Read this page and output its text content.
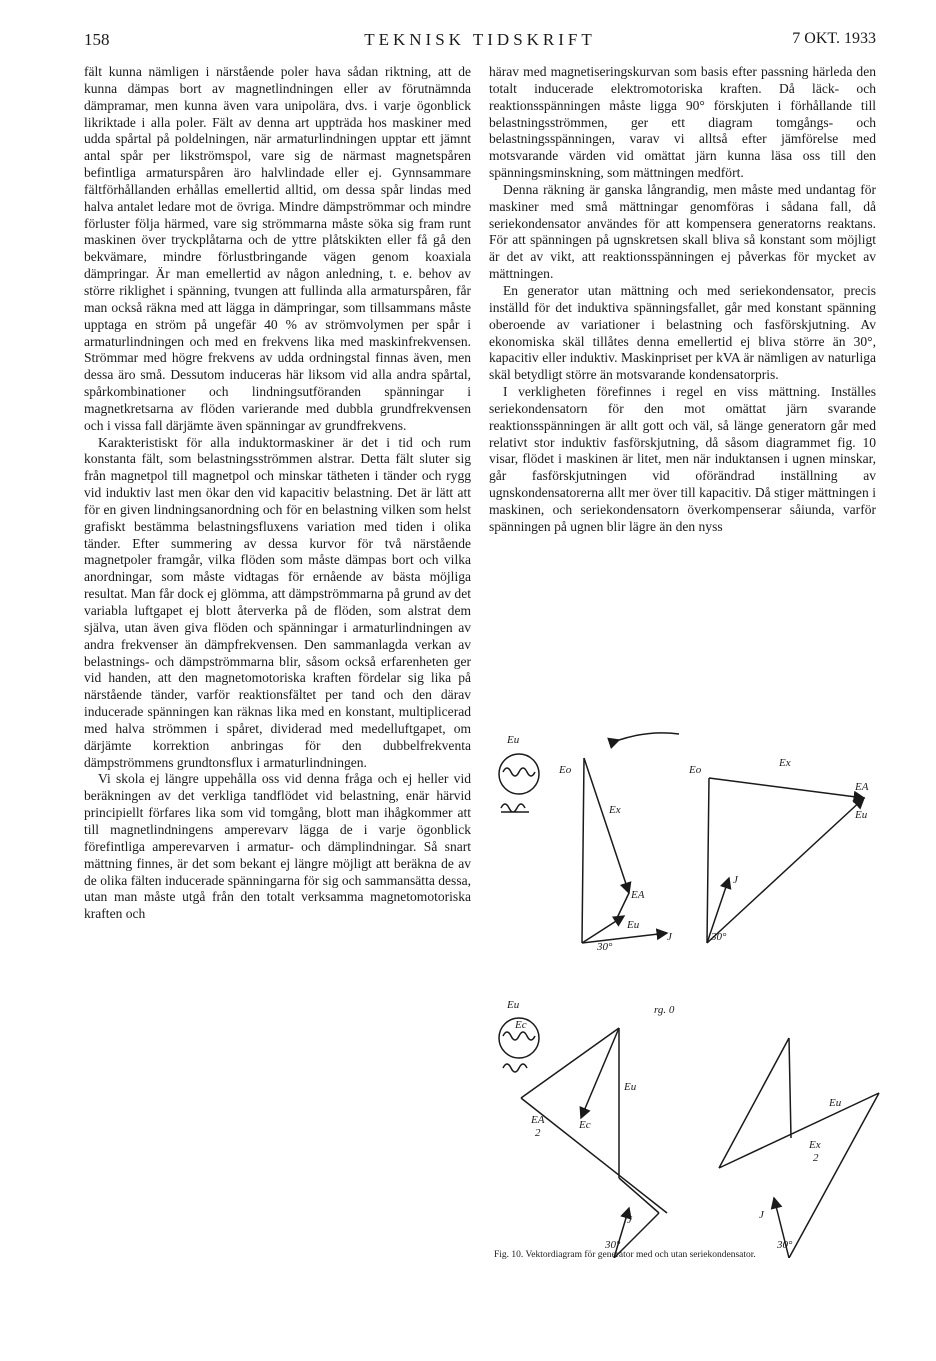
158	TEKNISK TIDSKRIFT	7 OKT. 1933

fält kunna nämligen i närstående poler hava sådan riktning, att de kunna dämpas bort av magnetlindningen eller av förutnämnda dämpramar, men kunna även vara unipolära, dvs. i varje ögonblick likriktade i alla poler. Fält av denna art uppträda hos maskiner med udda spårtal på poldelningen, när armaturlindningen upptar ett jämnt antal spår per likströmspol, vare sig de närmast magnetspåren befintliga armaturspåren äro halvlindade eller ej. Gynnsammare fältförhållanden erhållas emellertid alltid, om dessa spår lindas med halva antalet ledare mot de övriga. Mindre dämpströmmar och mindre förluster följa härmed, vare sig strömmarna måste söka sig fram runt maskinen över tryckplåtarna och de yttre plåtskikten eller få gå den bekvämare, mindre förlustbringande vägen genom koaxiala dämpringar. Är man emellertid av någon anledning, t. e. behov av större riklighet i spänning, tvungen att fullinda alla armaturspåren, får man också räkna med att lägga in dämpringar, som tillsammans måste upptaga en ström på ungefär 40 % av strömvolymen per spår i armaturlindningen och med en frekvens lika med maskinfrekvensen. Strömmar med högre frekvens av udda ordningstal finnas även, men dessa äro små. Dessutom induceras här liksom vid alla andra spårtal, spårkombinationer och lindningsutföranden spänningar i magnetkretsarna av flöden varierande med dubbla grundfrekvensen och i vissa fall därjämte även spänningar av grundfrekvens.

Karakteristiskt för alla induktormaskiner är det i tid och rum konstanta fält, som belastningsströmmen alstrar. Detta fält sluter sig från magnetpol till magnetpol och minskar tätheten i tänder och rygg vid induktiv last men ökar den vid kapacitiv belastning. Det är lätt att för en given lindningsanordning och för en belastning vilken som helst grafiskt bestämma belastningsfluxens variation med tiden i olika tänder. Efter summering av dessa kurvor för två närstående magnetpoler framgår, vilka flöden som måste dämpas bort och vilka anordningar, som måste vidtagas för ernående av bästa möjliga resultat. Man får dock ej glömma, att dämpströmmarna på grund av det variabla luftgapet ej blott återverka på de flöden, som alstrat dem själva, utan även giva flöden och spänningar i armaturlindningen av andra frekvenser än dämpfrekvensen. Den sammanlagda verkan av belastnings- och dämpströmmarna blir, såsom också erfarenheten ger vid handen, att den magnetomotoriska kraften fördelar sig lika på närstående tänder, varför reaktionsfältet per tand och den därav inducerade spänningen kan räknas lika med en konstant, multiplicerad med halva strömmen i spåret, dividerad med medelluftgapet, om därjämte korrektion anbringas för den dubbelfrekventa dämpströmmens grundtonsflux i armaturlindningen.

Vi skola ej längre uppehålla oss vid denna fråga och ej heller vid beräkningen av det verkliga tandflödet vid belastning, enär härvid principiellt förfares lika som vid tomgång, blott man ihågkommer att till magnetlindningens amperevarv lägga de i varje ögonblick förefintliga amperevarven i armatur- och dämplindningar. Så snart mättning finnes, är det som bekant ej längre möjligt att beräkna de av de olika fälten inducerade spänningarna för sig och sammansätta dessa, utan man måste utgå från den totalt verksamma magnetomotoriska kraften och

härav med magnetiseringskurvan som basis efter passning härleda den totalt inducerade elektromotoriska kraften. Då läck- och reaktionsspänningen måste ligga 90° förskjuten i förhållande till belastningsströmmen, ger ett diagram tomgångs- och belastningsspänningen, varav vi alltså efter jämförelse med motsvarande värden vid omättat järn kunna läsa oss till den spänningsminskning, som mättningen medfört.

Denna räkning är ganska långrandig, men måste med undantag för maskiner med små mättningar genomföras i sådana fall, då seriekondensator användes för att kompensera generatorns reaktans. För att spänningen på ugnskretsen skall bliva så konstant som möjligt är det av vikt, att reaktionsspänningen ej påverkas för mycket av mättningen.

En generator utan mättning och med seriekondensator, precis inställd för det induktiva spänningsfallet, går med konstant spänning oberoende av variationer i belastning och fasförskjutning. Av ekonomiska skäl tillåtes denna emellertid ej bliva större än 30°, kapacitiv eller induktiv. Maskinpriset per kVA är nämligen av naturliga skäl betydligt större än motsvarande kondensatorpris.

I verkligheten förefinnes i regel en viss mättning. Inställes seriekondensatorn för den mot omättat järn svarande reaktionsspänningen är allt gott och väl, så länge generatorn går med relativt stor induktiv fasförskjutning, då såsom diagrammet fig. 10 visar, flödet i maskinen är litet, men när induktansen i ugnen minskar, går fasförskjutningen vid oförändrad inställning av ugnskondensatorerna allt mer över till kapacitiv. Då stiger mättningen i maskinen, och seriekondensatorn överkompenserar såiunda, varför spänningen på ugnen blir lägre än den nyss

Eu
Eo
Ex
EA
Eu
J
30°
Eo
Ex
EA
Eu
J
30°
rg. 0
Eu
Ec
Eu
Ec
EA
2
J
30°
Eu
Ex
2
J
30°
Fig. 10. Vektordiagram för generator med och utan seriekondensator.
